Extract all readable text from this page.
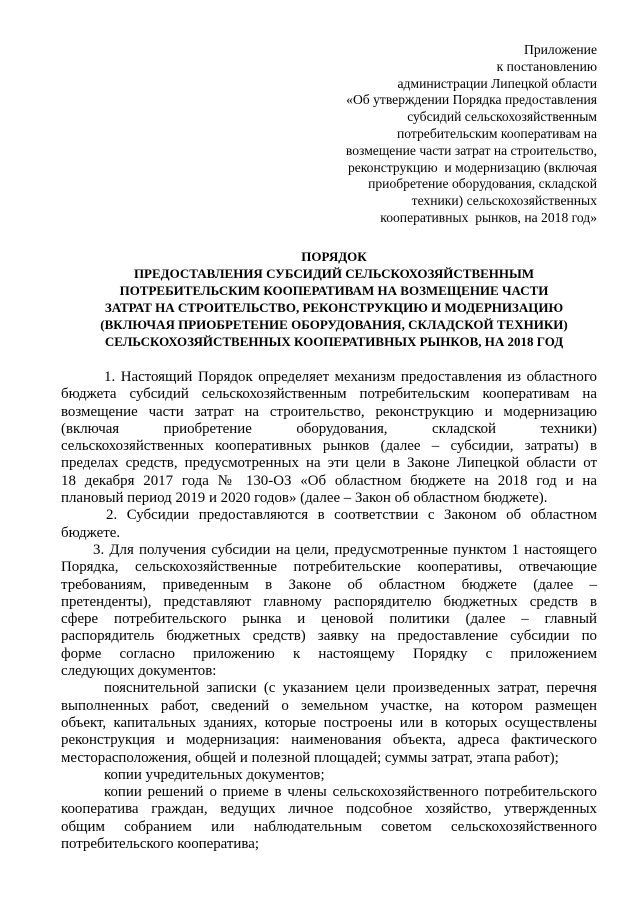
Приложение
к постановлению
администрации Липецкой области
«Об утверждении Порядка предоставления
субсидий сельскохозяйственным
потребительским кооперативам на
возмещение части затрат на строительство,
реконструкцию  и модернизацию (включая
приобретение оборудования, складской
техники) сельскохозяйственных
кооперативных  рынков, на 2018 год»
ПОРЯДОК
ПРЕДОСТАВЛЕНИЯ СУБСИДИЙ СЕЛЬСКОХОЗЯЙСТВЕННЫМ
ПОТРЕБИТЕЛЬСКИМ КООПЕРАТИВАМ НА ВОЗМЕЩЕНИЕ ЧАСТИ
ЗАТРАТ НА СТРОИТЕЛЬСТВО, РЕКОНСТРУКЦИЮ И МОДЕРНИЗАЦИЮ
(ВКЛЮЧАЯ ПРИОБРЕТЕНИЕ ОБОРУДОВАНИЯ, СКЛАДСКОЙ ТЕХНИКИ)
СЕЛЬСКОХОЗЯЙСТВЕННЫХ КООПЕРАТИВНЫХ РЫНКОВ, НА 2018 ГОД
1. Настоящий Порядок определяет механизм предоставления из областного
бюджета субсидий сельскохозяйственным потребительским кооперативам на
возмещение части затрат на строительство, реконструкцию и модернизацию
(включая приобретение оборудования, складской техники)
сельскохозяйственных кооперативных рынков (далее – субсидии, затраты) в
пределах средств, предусмотренных на эти цели в Законе Липецкой области от
18 декабря 2017 года № 130-ОЗ «Об областном бюджете на 2018 год и на
плановый период 2019 и 2020 годов» (далее – Закон об областном бюджете).
2. Субсидии предоставляются в соответствии с Законом об областном
бюджете.
3. Для получения субсидии на цели, предусмотренные пунктом 1 настоящего
Порядка, сельскохозяйственные потребительские кооперативы, отвечающие
требованиям, приведенным в Законе об областном бюджете (далее –
претенденты), представляют главному распорядителю бюджетных средств в
сфере потребительского рынка и ценовой политики (далее – главный
распорядитель бюджетных средств) заявку на предоставление субсидии по
форме согласно приложению к настоящему Порядку с приложением
следующих документов:
пояснительной записки (с указанием цели произведенных затрат, перечня
выполненных работ, сведений о земельном участке, на котором размещен
объект, капитальных зданиях, которые построены или в которых осуществлены
реконструкция и модернизация: наименования объекта, адреса фактического
месторасположения, общей и полезной площадей; суммы затрат, этапа работ);
копии учредительных документов;
копии решений о приеме в члены сельскохозяйственного потребительского
кооператива граждан, ведущих личное подсобное хозяйство, утвержденных
общим собранием или наблюдательным советом сельскохозяйственного
потребительского кооператива;
